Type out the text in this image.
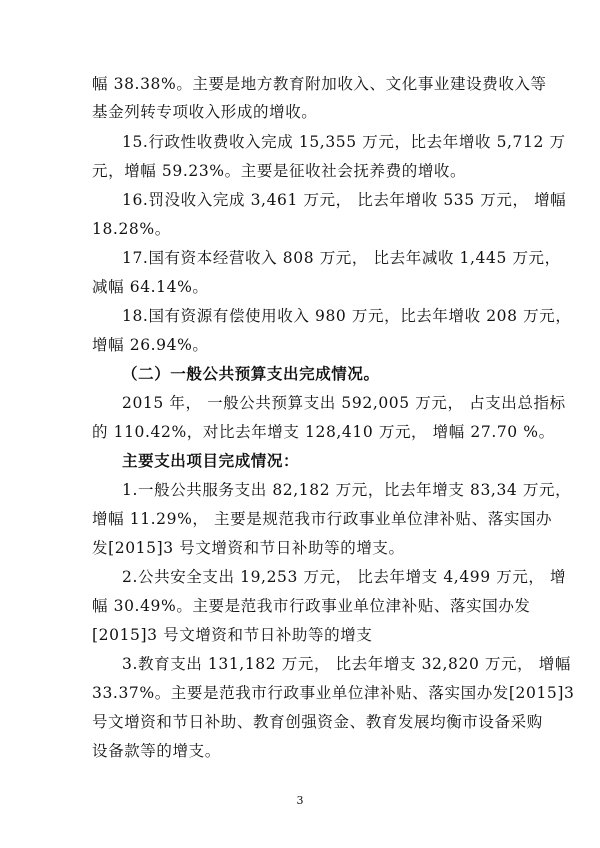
幅 38.38%。主要是地方教育附加收入、文化事业建设费收入等
基金列转专项收入形成的增收。
15.行政性收费收入完成 15,355 万元，比去年增收 5,712 万
元，增幅 59.23%。主要是征收社会抚养费的增收。
16.罚没收入完成 3,461 万元， 比去年增收 535 万元， 增幅
18.28%。
17.国有资本经营收入 808 万元， 比去年减收 1,445 万元，
减幅 64.14%。
18.国有资源有偿使用收入 980 万元，比去年增收 208 万元，
增幅 26.94%。
（二）一般公共预算支出完成情况。
2015 年， 一般公共预算支出 592,005 万元， 占支出总指标
的 110.42%，对比去年增支 128,410 万元， 增幅 27.70 %。
主要支出项目完成情况：
1.一般公共服务支出 82,182 万元，比去年增支 83,34 万元，
增幅 11.29%， 主要是规范我市行政事业单位津补贴、落实国办
发[2015]3 号文增资和节日补助等的增支。
2.公共安全支出 19,253 万元， 比去年增支 4,499 万元， 增
幅 30.49%。主要是范我市行政事业单位津补贴、落实国办发
[2015]3 号文增资和节日补助等的增支
3.教育支出 131,182 万元， 比去年增支 32,820 万元， 增幅
33.37%。主要是范我市行政事业单位津补贴、落实国办发[2015]3
号文增资和节日补助、教育创强资金、教育发展均衡市设备采购
设备款等的增支。
3
